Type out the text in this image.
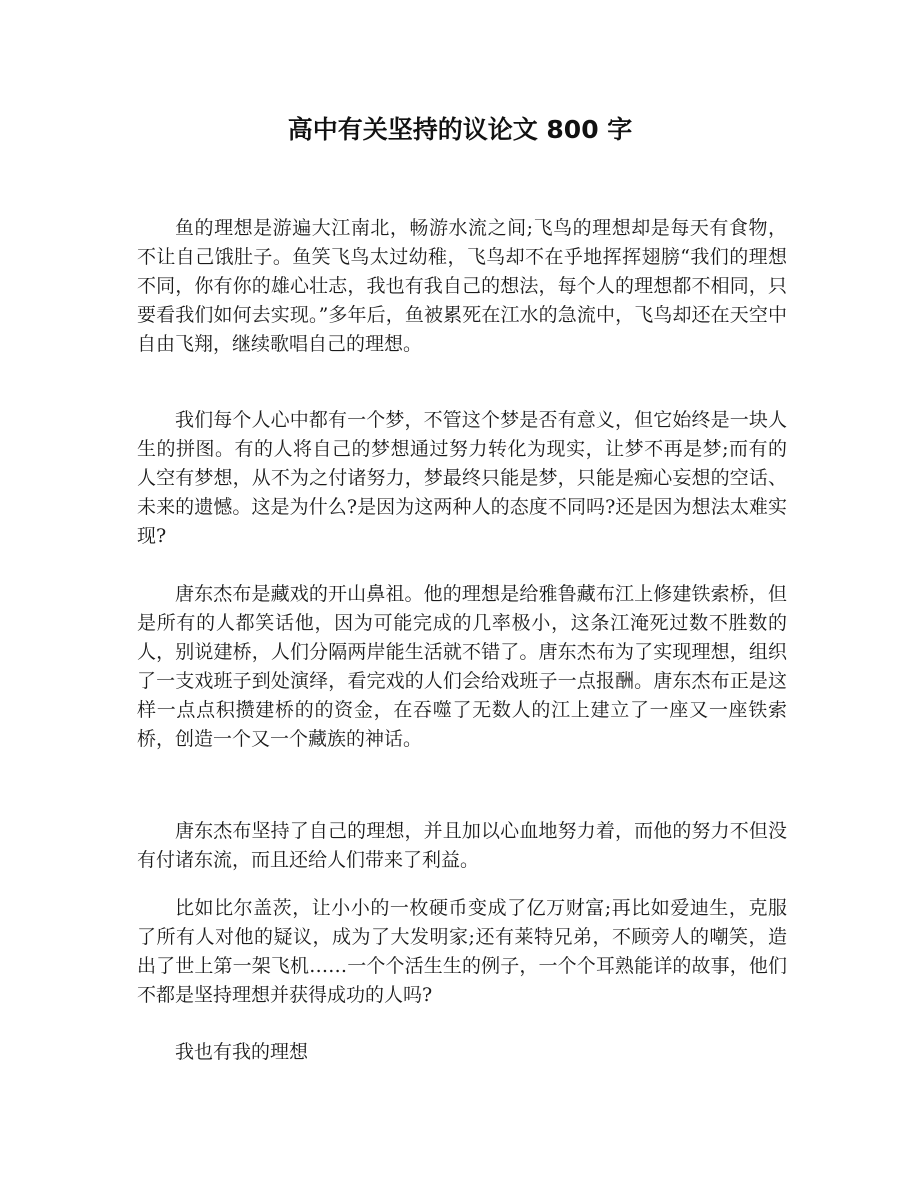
高中有关坚持的议论文 800 字

鱼的理想是游遍大江南北，畅游水流之间;飞鸟的理想却是每天有食物，不让自己饿肚子。鱼笑飞鸟太过幼稚，飞鸟却不在乎地挥挥翅膀“我们的理想不同，你有你的雄心壮志，我也有我自己的想法，每个人的理想都不相同，只要看我们如何去实现。”多年后，鱼被累死在江水的急流中，飞鸟却还在天空中自由飞翔，继续歌唱自己的理想。

我们每个人心中都有一个梦，不管这个梦是否有意义，但它始终是一块人生的拼图。有的人将自己的梦想通过努力转化为现实，让梦不再是梦;而有的人空有梦想，从不为之付诸努力，梦最终只能是梦，只能是痴心妄想的空话、未来的遗憾。这是为什么?是因为这两种人的态度不同吗?还是因为想法太难实现?

唐东杰布是藏戏的开山鼻祖。他的理想是给雅鲁藏布江上修建铁索桥，但是所有的人都笑话他，因为可能完成的几率极小，这条江淹死过数不胜数的人，别说建桥，人们分隔两岸能生活就不错了。唐东杰布为了实现理想，组织了一支戏班子到处演绎，看完戏的人们会给戏班子一点报酬。唐东杰布正是这样一点点积攒建桥的的资金，在吞噬了无数人的江上建立了一座又一座铁索桥，创造一个又一个藏族的神话。

唐东杰布坚持了自己的理想，并且加以心血地努力着，而他的努力不但没有付诸东流，而且还给人们带来了利益。

比如比尔盖茨，让小小的一枚硬币变成了亿万财富;再比如爱迪生，克服了所有人对他的疑议，成为了大发明家;还有莱特兄弟，不顾旁人的嘲笑，造出了世上第一架飞机……一个个活生生的例子，一个个耳熟能详的故事，他们不都是坚持理想并获得成功的人吗?

我也有我的理想
